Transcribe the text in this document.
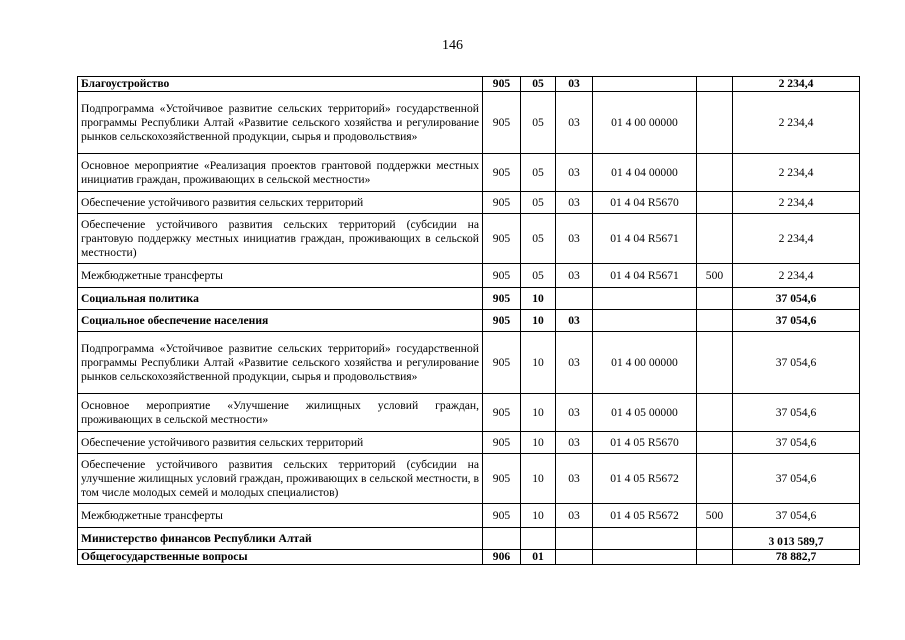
146
Благоустройство	905	05	03			2 234,4
Подпрограмма «Устойчивое развитие сельских территорий» государственной программы Республики Алтай «Развитие сельского хозяйства и регулирование рынков сельскохозяйственной продукции, сырья и продовольствия»	905	05	03	01 4 00 00000		2 234,4
Основное мероприятие «Реализация проектов грантовой поддержки местных инициатив граждан, проживающих в сельской местности»	905	05	03	01 4 04 00000		2 234,4
Обеспечение устойчивого развития сельских территорий	905	05	03	01 4 04 R5670		2 234,4
Обеспечение устойчивого развития сельских территорий (субсидии на грантовую поддержку местных инициатив граждан, проживающих в сельской местности)	905	05	03	01 4 04 R5671		2 234,4
Межбюджетные трансферты	905	05	03	01 4 04 R5671	500	2 234,4
Социальная политика	905	10				37 054,6
Социальное обеспечение населения	905	10	03			37 054,6
Подпрограмма «Устойчивое развитие сельских территорий» государственной программы Республики Алтай «Развитие сельского хозяйства и регулирование рынков сельскохозяйственной продукции, сырья и продовольствия»	905	10	03	01 4 00 00000		37 054,6
Основное мероприятие «Улучшение жилищных условий граждан, проживающих в сельской местности»	905	10	03	01 4 05 00000		37 054,6
Обеспечение устойчивого развития сельских территорий	905	10	03	01 4 05 R5670		37 054,6
Обеспечение устойчивого развития сельских территорий (субсидии на улучшение жилищных условий граждан, проживающих в сельской местности, в том числе молодых семей и молодых специалистов)	905	10	03	01 4 05 R5672		37 054,6
Межбюджетные трансферты	905	10	03	01 4 05 R5672	500	37 054,6
Министерство финансов Республики Алтай						3 013 589,7
Общегосударственные вопросы	906	01				78 882,7
